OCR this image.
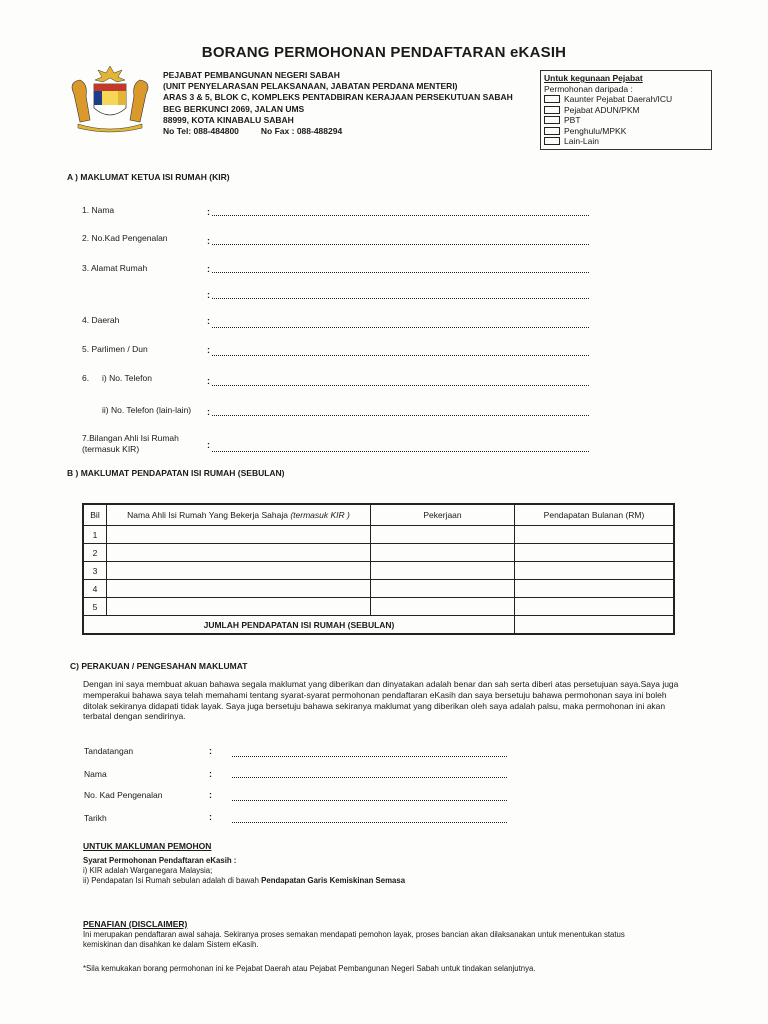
BORANG PERMOHONAN PENDAFTARAN eKASIH
PEJABAT PEMBANGUNAN NEGERI SABAH
(UNIT PENYELARASAN PELAKSANAAN, JABATAN PERDANA MENTERI)
ARAS 3 & 5, BLOK C, KOMPLEKS PENTADBIRAN KERAJAAN PERSEKUTUAN SABAH
BEG BERKUNCI 2069, JALAN UMS
88999, KOTA KINABALU SABAH
No Tel: 088-484800	No Fax : 088-488294
Untuk kegunaan Pejabat
Permohonan daripada :
Kaunter Pejabat Daerah/ICU
Pejabat ADUN/PKM
PBT
Penghulu/MPKK
Lain-Lain
A ) MAKLUMAT KETUA ISI RUMAH (KIR)
1. Nama	:
2. No.Kad Pengenalan	:
3. Alamat Rumah	:
:
4. Daerah	:
5. Parlimen / Dun	:
6. i) No. Telefon	:
ii) No. Telefon (lain-lain) :
7.Bilangan Ahli Isi Rumah
(termasuk KIR)	:
B ) MAKLUMAT PENDAPATAN ISI RUMAH (SEBULAN)
Bil	Nama Ahli Isi Rumah Yang Bekerja Sahaja (termasuk KIR )	Pekerjaan	Pendapatan Bulanan (RM)
1			
2			
3			
4			
5			
JUMLAH PENDAPATAN ISI RUMAH (SEBULAN)			
C) PERAKUAN / PENGESAHAN MAKLUMAT
Dengan ini saya membuat akuan bahawa segala maklumat yang diberikan dan dinyatakan adalah benar dan sah serta diberi atas persetujuan saya.Saya juga memperakui bahawa saya telah memahami tentang syarat-syarat permohonan pendaftaran eKasih dan saya bersetuju bahawa permohonan saya ini boleh ditolak sekiranya didapati tidak layak. Saya juga bersetuju bahawa sekiranya maklumat yang diberikan oleh saya adalah palsu, maka permohonan ini akan terbatal dengan sendirinya.
Tandatangan	:
Nama	:
No. Kad Pengenalan	:
Tarikh	:
UNTUK MAKLUMAN PEMOHON
Syarat Permohonan Pendaftaran eKasih :
i) KIR adalah Warganegara Malaysia;
ii) Pendapatan Isi Rumah sebulan adalah di bawah Pendapatan Garis Kemiskinan Semasa
PENAFIAN (DISCLAIMER)
Ini merupakan pendaftaran awal sahaja. Sekiranya proses semakan mendapati pemohon layak, proses bancian akan dilaksanakan untuk menentukan status kemiskinan dan disahkan ke dalam Sistem eKasih.
*Sila kemukakan borang permohonan ini ke Pejabat Daerah atau Pejabat Pembangunan Negeri Sabah untuk tindakan selanjutnya.
